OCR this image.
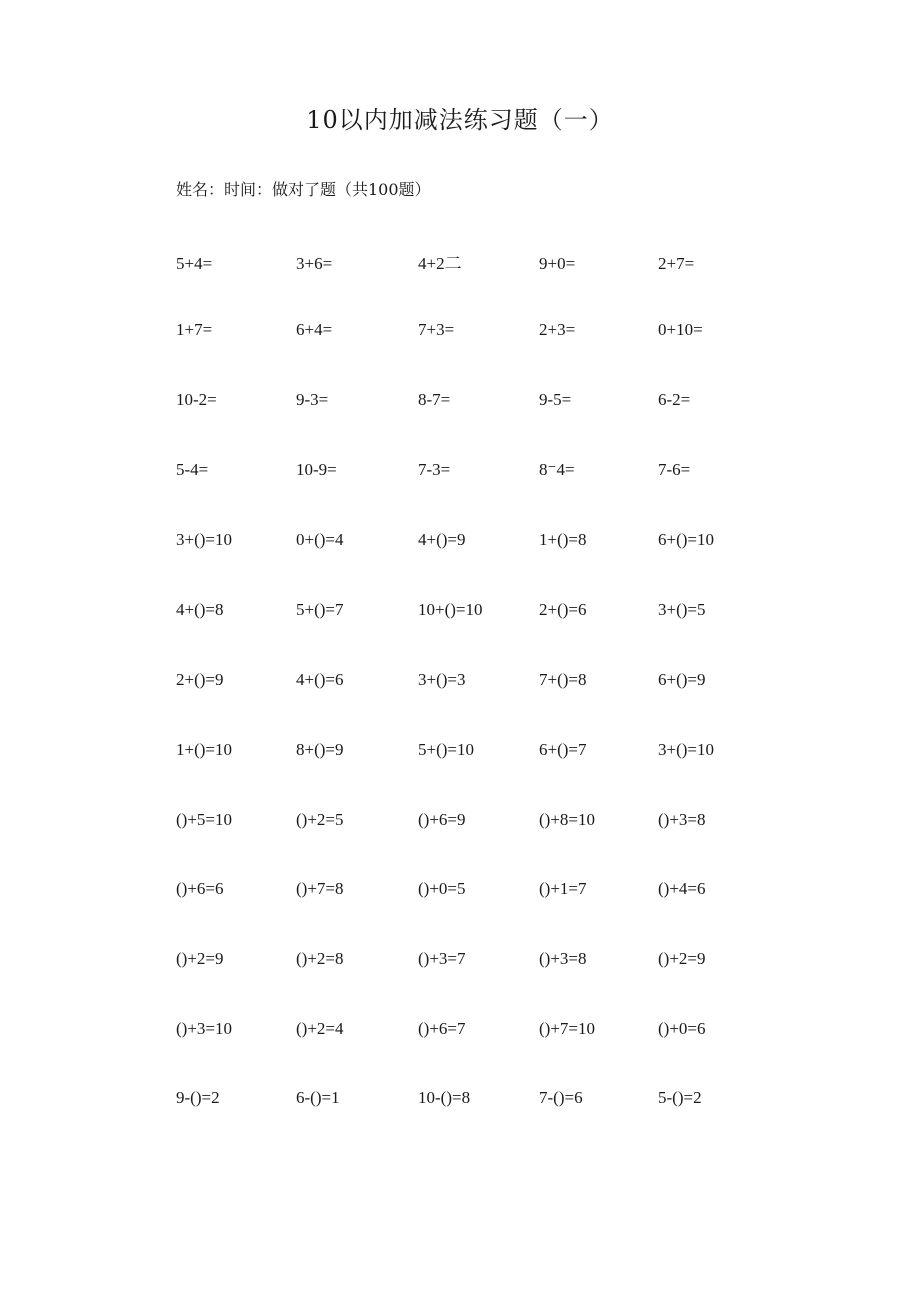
10以内加减法练习题（一）
姓名：时间：做对了题（共100题）
5+4=	3+6=	4+2二	9+0=	2+7=
1+7=	6+4=	7+3=	2+3=	0+10=
10-2=	9-3=	8-7=	9-5=	6-2=
5-4=	10-9=	7-3=	8⁻4=	7-6=
3+()=10	0+()=4	4+()=9	1+()=8	6+()=10
4+()=8	5+()=7	10+()=10	2+()=6	3+()=5
2+()=9	4+()=6	3+()=3	7+()=8	6+()=9
1+()=10	8+()=9	5+()=10	6+()=7	3+()=10
()+5=10	()+2=5	()+6=9	()+8=10	()+3=8
()+6=6	()+7=8	()+0=5	()+1=7	()+4=6
()+2=9	()+2=8	()+3=7	()+3=8	()+2=9
()+3=10	()+2=4	()+6=7	()+7=10	()+0=6
9-()=2	6-()=1	10-()=8	7-()=6	5-()=2
